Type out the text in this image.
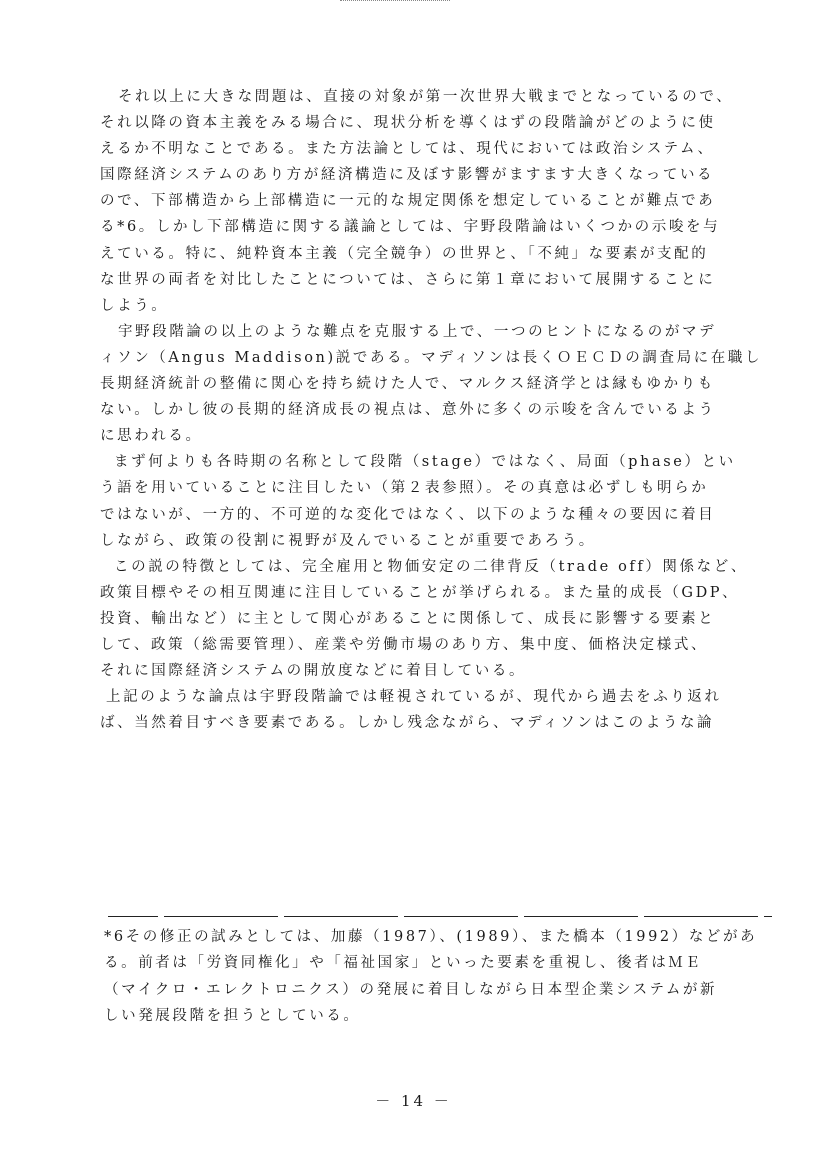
それ以上に大きな問題は、直接の対象が第一次世界大戦までとなっているので、
それ以降の資本主義をみる場合に、現状分析を導くはずの段階論がどのように使
えるか不明なことである。また方法論としては、現代においては政治システム、
国際経済システムのあり方が経済構造に及ぼす影響がますます大きくなっている
ので、下部構造から上部構造に一元的な規定関係を想定していることが難点であ
る*6。しかし下部構造に関する議論としては、宇野段階論はいくつかの示唆を与
えている。特に、純粋資本主義（完全競争）の世界と、「不純」な要素が支配的
な世界の両者を対比したことについては、さらに第１章において展開することに
しよう。
宇野段階論の以上のような難点を克服する上で、一つのヒントになるのがマデ
ィソン（Angus Maddison)説である。マディソンは長くＯＥＣＤの調査局に在職し
長期経済統計の整備に関心を持ち続けた人で、マルクス経済学とは縁もゆかりも
ない。しかし彼の長期的経済成長の視点は、意外に多くの示唆を含んでいるよう
に思われる。
まず何よりも各時期の名称として段階（stage）ではなく、局面（phase）とい
う語を用いていることに注目したい（第２表参照）。その真意は必ずしも明らか
ではないが、一方的、不可逆的な変化ではなく、以下のような種々の要因に着目
しながら、政策の役割に視野が及んでいることが重要であろう。
この説の特徴としては、完全雇用と物価安定の二律背反（trade off）関係など、
政策目標やその相互関連に注目していることが挙げられる。また量的成長（GDP、
投資、輸出など）に主として関心があることに関係して、成長に影響する要素と
して、政策（総需要管理）、産業や労働市場のあり方、集中度、価格決定様式、
それに国際経済システムの開放度などに着目している。
上記のような論点は宇野段階論では軽視されているが、現代から過去をふり返れ
ば、当然着目すべき要素である。しかし残念ながら、マディソンはこのような論
*6その修正の試みとしては、加藤（1987）、(1989）、また橋本（1992）などがあ
る。前者は「労資同権化」や「福祉国家」といった要素を重視し、後者はＭＥ
（マイクロ・エレクトロニクス）の発展に着目しながら日本型企業システムが新
しい発展段階を担うとしている。
－ 14 －
